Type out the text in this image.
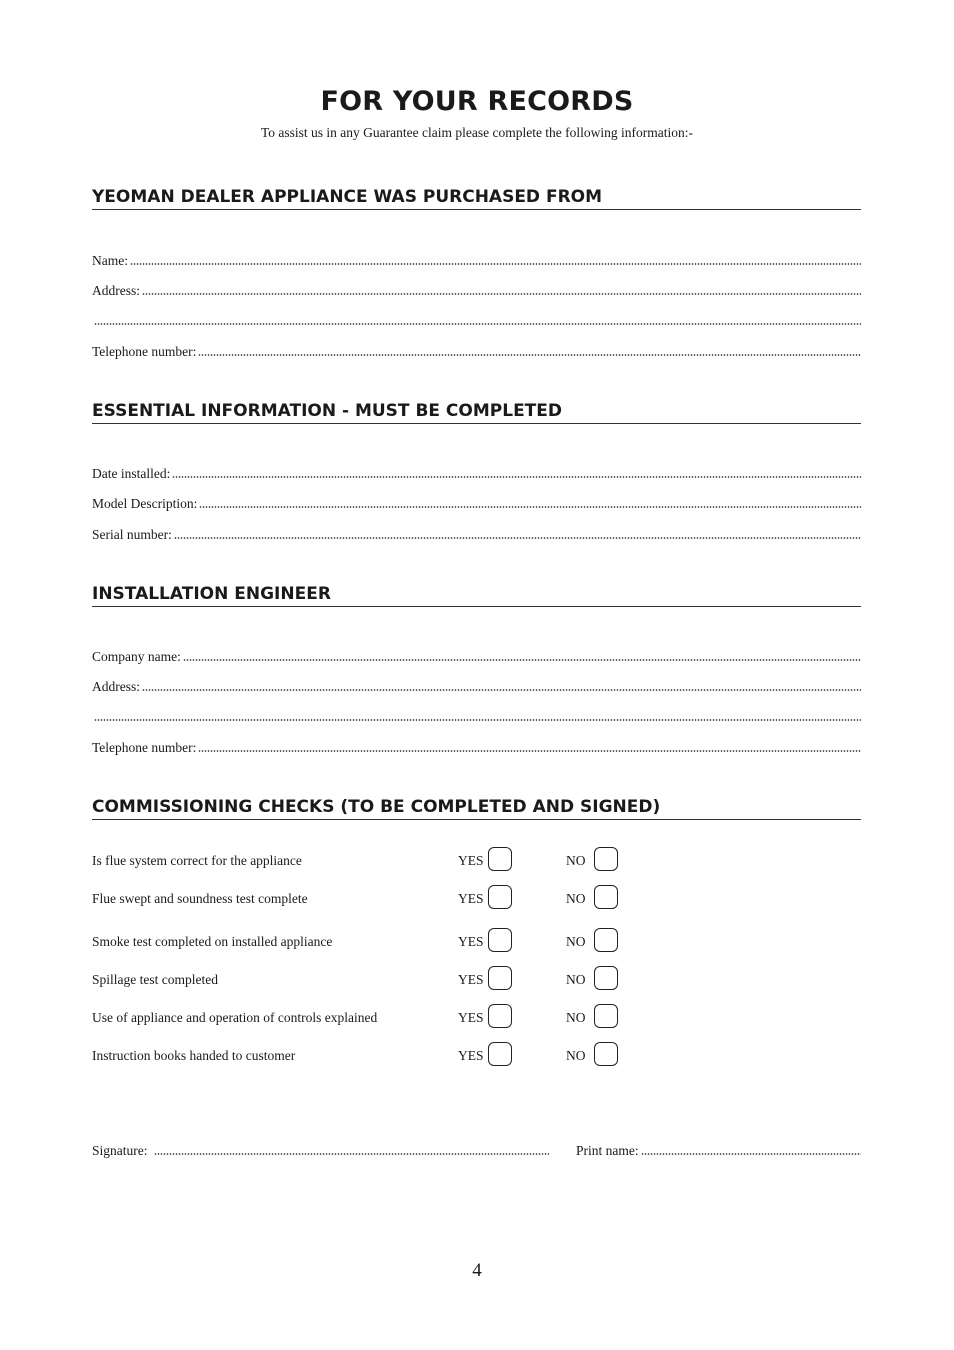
FOR YOUR RECORDS
To assist us in any Guarantee claim please complete the following information:-
YEOMAN DEALER APPLIANCE WAS PURCHASED FROM
Name:
Address:
Telephone number:
ESSENTIAL INFORMATION - MUST BE COMPLETED
Date installed:
Model Description:
Serial number:
INSTALLATION ENGINEER
Company name:
Address:
Telephone number:
COMMISSIONING CHECKS (TO BE COMPLETED AND SIGNED)
Is flue system correct for the appliance	YES	NO
Flue swept and soundness test complete	YES	NO
Smoke test completed on installed appliance	YES	NO
Spillage test completed	YES	NO
Use of appliance and operation of controls explained	YES	NO
Instruction books handed to customer	YES	NO
Signature:	Print name:
4
